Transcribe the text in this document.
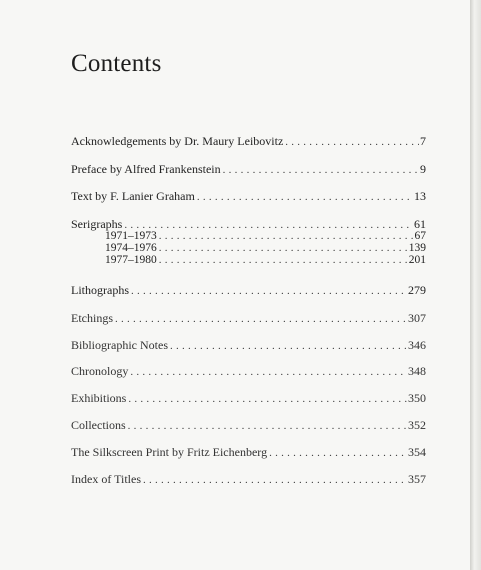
Contents
Acknowledgements by Dr. Maury Leibovitz . . .	7
Preface by Alfred Frankenstein . . .	9
Text by F. Lanier Graham . . .	13
Serigraphs . . .	61
1971–1973 . . .	67
1974–1976 . . .	139
1977–1980 . . .	201
Lithographs . . .	279
Etchings . . .	307
Bibliographic Notes . . .	346
Chronology . . .	348
Exhibitions . . .	350
Collections . . .	352
The Silkscreen Print by Fritz Eichenberg . . .	354
Index of Titles . . .	357
